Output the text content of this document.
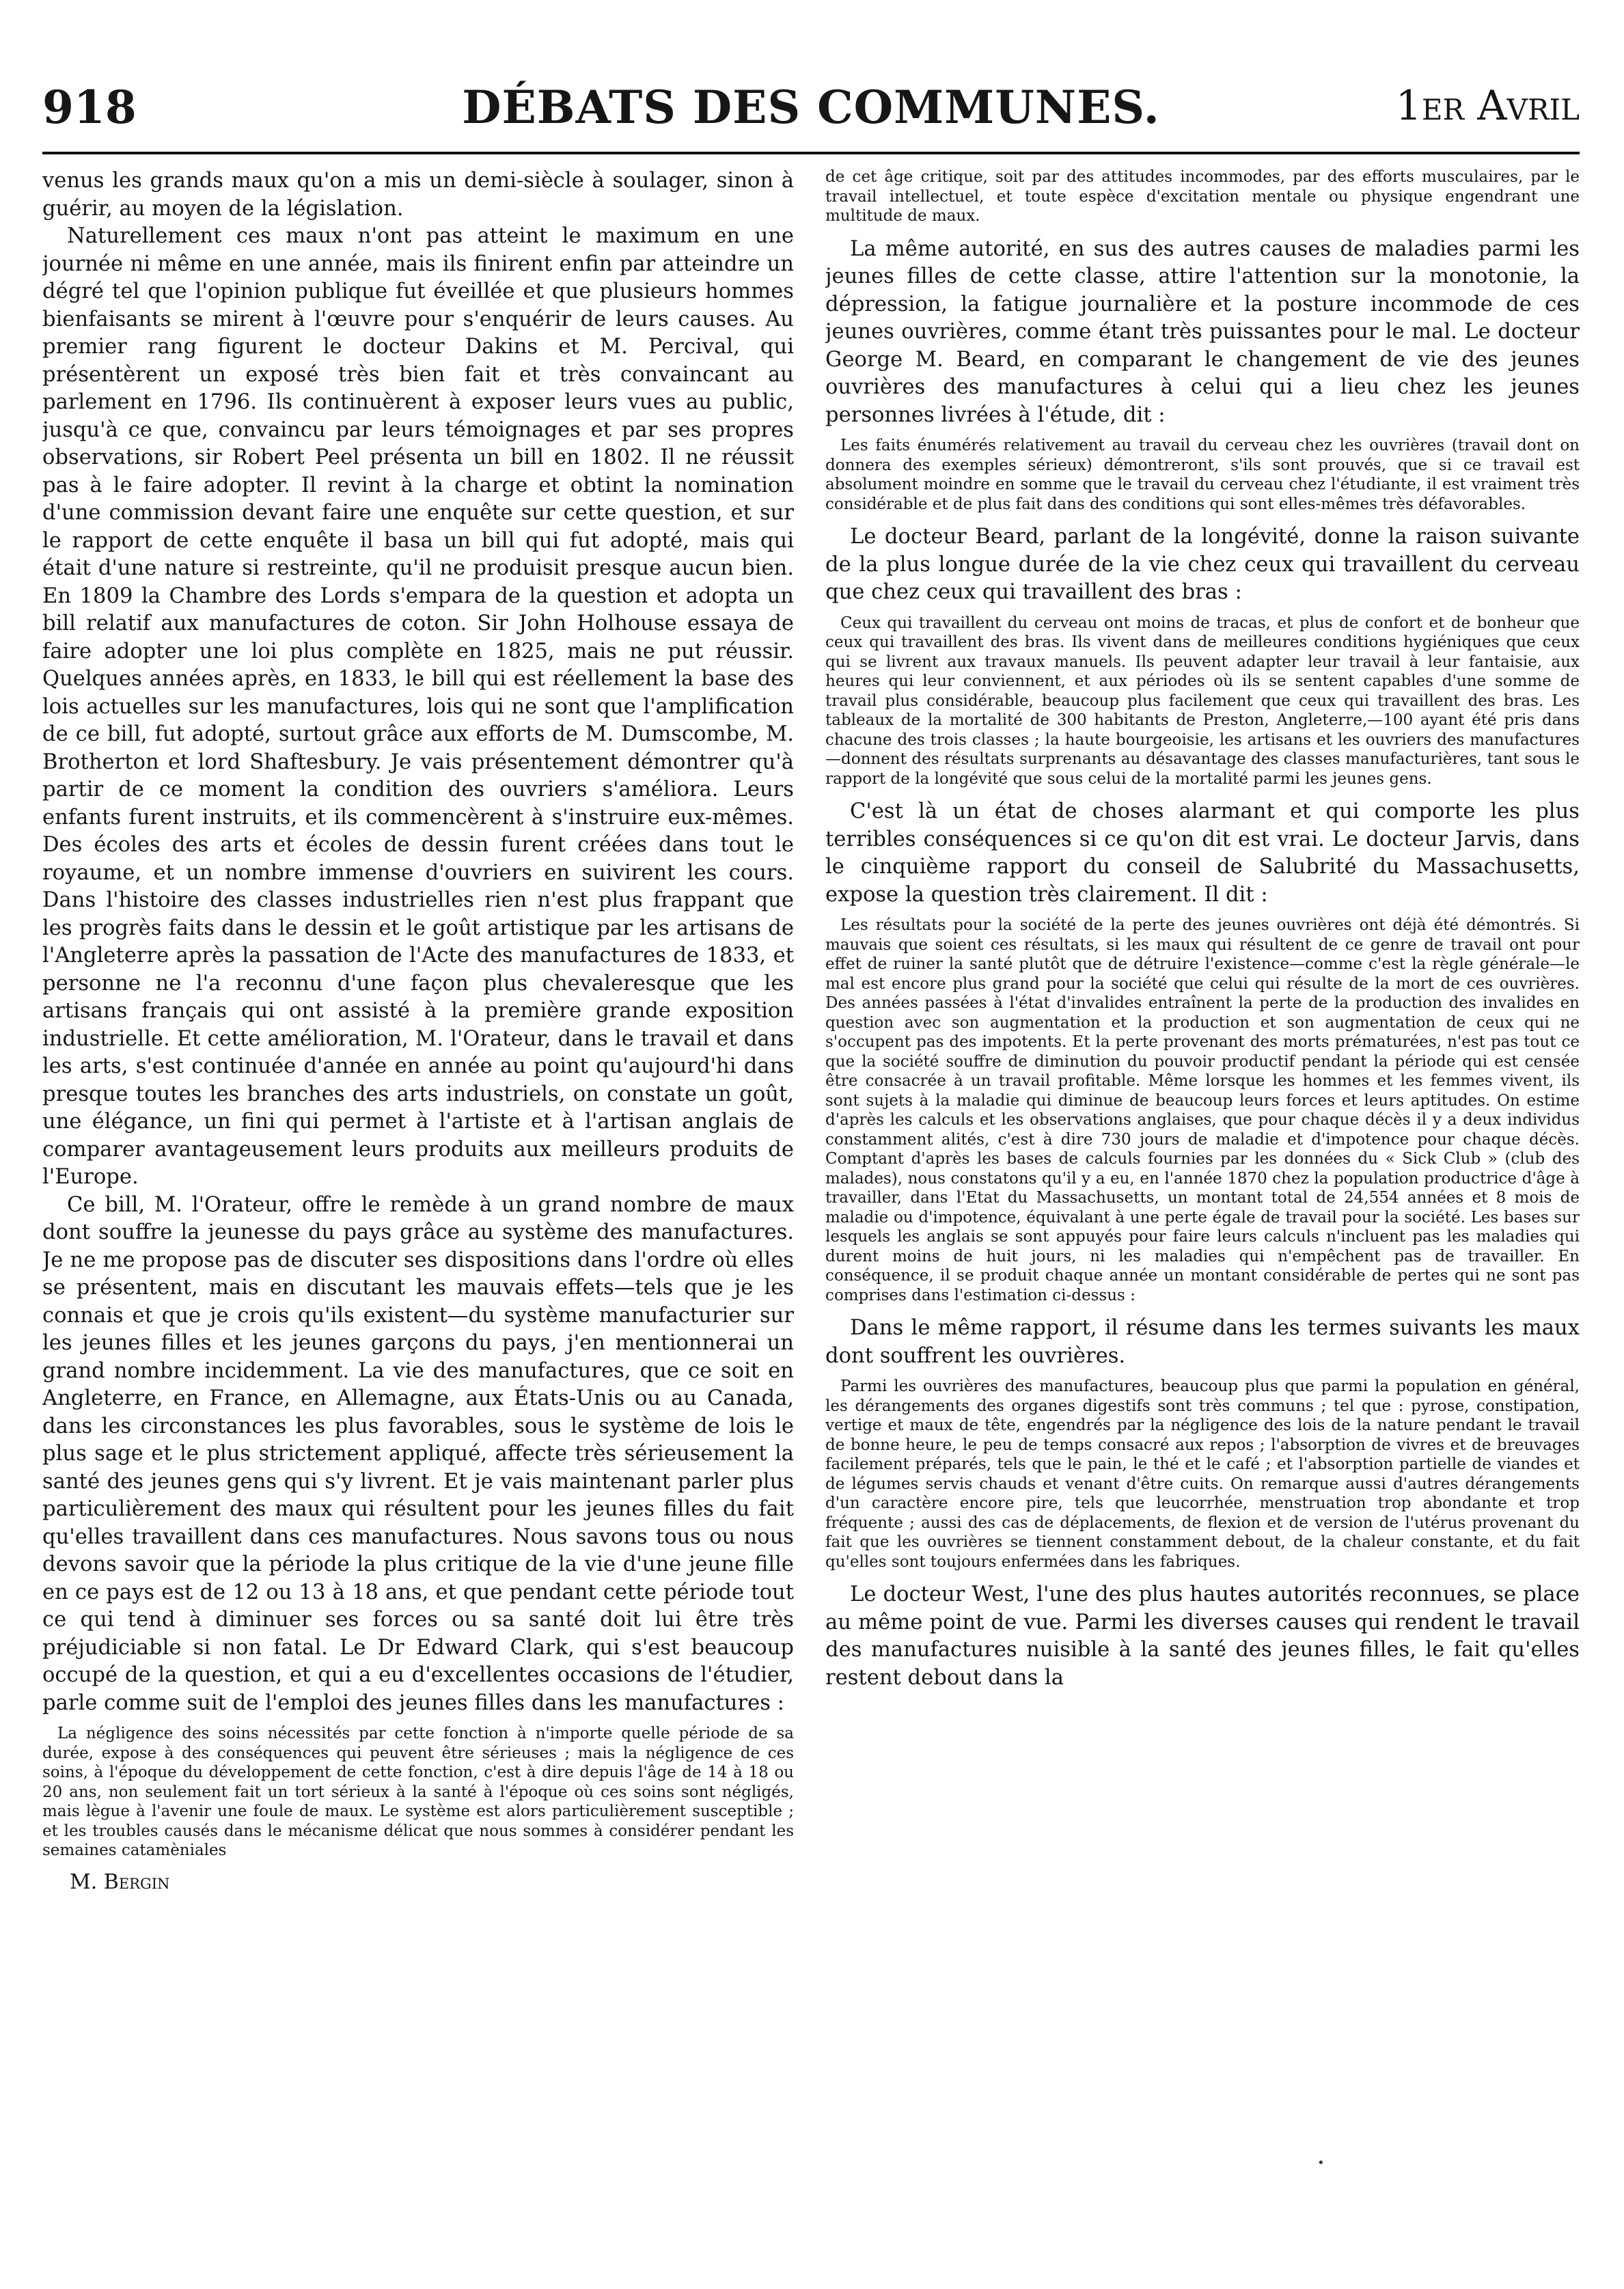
918	DÉBATS DES COMMUNES.	1er Avril

venus les grands maux qu'on a mis un demi-siècle à soulager, sinon à guérir, au moyen de la législation.

Naturellement ces maux n'ont pas atteint le maximum en une journée ni même en une année, mais ils finirent enfin par atteindre un dégré tel que l'opinion publique fut éveillée et que plusieurs hommes bienfaisants se mirent à l'œuvre pour s'enquérir de leurs causes. Au premier rang figurent le docteur Dakins et M. Percival, qui présentèrent un exposé très bien fait et très convaincant au parlement en 1796. Ils continuèrent à exposer leurs vues au public, jusqu'à ce que, convaincu par leurs témoignages et par ses propres observations, sir Robert Peel présenta un bill en 1802. Il ne réussit pas à le faire adopter. Il revint à la charge et obtint la nomination d'une commission devant faire une enquête sur cette question, et sur le rapport de cette enquête il basa un bill qui fut adopté, mais qui était d'une nature si restreinte, qu'il ne produisit presque aucun bien. En 1809 la Chambre des Lords s'empara de la question et adopta un bill relatif aux manufactures de coton. Sir John Holhouse essaya de faire adopter une loi plus complète en 1825, mais ne put réussir. Quelques années après, en 1833, le bill qui est réellement la base des lois actuelles sur les manufactures, lois qui ne sont que l'amplification de ce bill, fut adopté, surtout grâce aux efforts de M. Dumscombe, M. Brotherton et lord Shaftesbury. Je vais présentement démontrer qu'à partir de ce moment la condition des ouvriers s'améliora. Leurs enfants furent instruits, et ils commencèrent à s'instruire eux-mêmes. Des écoles des arts et écoles de dessin furent créées dans tout le royaume, et un nombre immense d'ouvriers en suivirent les cours. Dans l'histoire des classes industrielles rien n'est plus frappant que les progrès faits dans le dessin et le goût artistique par les artisans de l'Angleterre après la passation de l'Acte des manufactures de 1833, et personne ne l'a reconnu d'une façon plus chevaleresque que les artisans français qui ont assisté à la première grande exposition industrielle. Et cette amélioration, M. l'Orateur, dans le travail et dans les arts, s'est continuée d'année en année au point qu'aujourd'hi dans presque toutes les branches des arts industriels, on constate un goût, une élégance, un fini qui permet à l'artiste et à l'artisan anglais de comparer avantageusement leurs produits aux meilleurs produits de l'Europe.

Ce bill, M. l'Orateur, offre le remède à un grand nombre de maux dont souffre la jeunesse du pays grâce au système des manufactures. Je ne me propose pas de discuter ses dispositions dans l'ordre où elles se présentent, mais en discutant les mauvais effets—tels que je les connais et que je crois qu'ils existent—du système manufacturier sur les jeunes filles et les jeunes garçons du pays, j'en mentionnerai un grand nombre incidemment. La vie des manufactures, que ce soit en Angleterre, en France, en Allemagne, aux États-Unis ou au Canada, dans les circonstances les plus favorables, sous le système de lois le plus sage et le plus strictement appliqué, affecte très sérieusement la santé des jeunes gens qui s'y livrent. Et je vais maintenant parler plus particulièrement des maux qui résultent pour les jeunes filles du fait qu'elles travaillent dans ces manufactures. Nous savons tous ou nous devons savoir que la période la plus critique de la vie d'une jeune fille en ce pays est de 12 ou 13 à 18 ans, et que pendant cette période tout ce qui tend à diminuer ses forces ou sa santé doit lui être très préjudiciable si non fatal. Le Dr Edward Clark, qui s'est beaucoup occupé de la question, et qui a eu d'excellentes occasions de l'étudier, parle comme suit de l'emploi des jeunes filles dans les manufactures :

La négligence des soins nécessités par cette fonction à n'importe quelle période de sa durée, expose à des conséquences qui peuvent être sérieuses ; mais la négligence de ces soins, à l'époque du développement de cette fonction, c'est à dire depuis l'âge de 14 à 18 ou 20 ans, non seulement fait un tort sérieux à la santé à l'époque où ces soins sont négligés, mais lègue à l'avenir une foule de maux. Le système est alors particulièrement susceptible ; et les troubles causés dans le mécanisme délicat que nous sommes à considérer pendant les semaines catamèniales

M. Bergin

de cet âge critique, soit par des attitudes incommodes, par des efforts musculaires, par le travail intellectuel, et toute espèce d'excitation mentale ou physique engendrant une multitude de maux.

La même autorité, en sus des autres causes de maladies parmi les jeunes filles de cette classe, attire l'attention sur la monotonie, la dépression, la fatigue journalière et la posture incommode de ces jeunes ouvrières, comme étant très puissantes pour le mal. Le docteur George M. Beard, en comparant le changement de vie des jeunes ouvrières des manufactures à celui qui a lieu chez les jeunes personnes livrées à l'étude, dit :

Les faits énumérés relativement au travail du cerveau chez les ouvrières (travail dont on donnera des exemples sérieux) démontreront, s'ils sont prouvés, que si ce travail est absolument moindre en somme que le travail du cerveau chez l'étudiante, il est vraiment très considérable et de plus fait dans des conditions qui sont elles-mêmes très défavorables.

Le docteur Beard, parlant de la longévité, donne la raison suivante de la plus longue durée de la vie chez ceux qui travaillent du cerveau que chez ceux qui travaillent des bras :

Ceux qui travaillent du cerveau ont moins de tracas, et plus de confort et de bonheur que ceux qui travaillent des bras. Ils vivent dans de meilleures conditions hygiéniques que ceux qui se livrent aux travaux manuels. Ils peuvent adapter leur travail à leur fantaisie, aux heures qui leur conviennent, et aux périodes où ils se sentent capables d'une somme de travail plus considérable, beaucoup plus facilement que ceux qui travaillent des bras. Les tableaux de la mortalité de 300 habitants de Preston, Angleterre,—100 ayant été pris dans chacune des trois classes ; la haute bourgeoisie, les artisans et les ouvriers des manufactures—donnent des résultats surprenants au désavantage des classes manufacturières, tant sous le rapport de la longévité que sous celui de la mortalité parmi les jeunes gens.

C'est là un état de choses alarmant et qui comporte les plus terribles conséquences si ce qu'on dit est vrai. Le docteur Jarvis, dans le cinquième rapport du conseil de Salubrité du Massachusetts, expose la question très clairement. Il dit :

Les résultats pour la société de la perte des jeunes ouvrières ont déjà été démontrés. Si mauvais que soient ces résultats, si les maux qui résultent de ce genre de travail ont pour effet de ruiner la santé plutôt que de détruire l'existence—comme c'est la règle générale—le mal est encore plus grand pour la société que celui qui résulte de la mort de ces ouvrières. Des années passées à l'état d'invalides entraînent la perte de la production des invalides en question avec son augmentation et la production et son augmentation de ceux qui ne s'occupent pas des impotents. Et la perte provenant des morts prématurées, n'est pas tout ce que la société souffre de diminution du pouvoir productif pendant la période qui est censée être consacrée à un travail profitable. Même lorsque les hommes et les femmes vivent, ils sont sujets à la maladie qui diminue de beaucoup leurs forces et leurs aptitudes. On estime d'après les calculs et les observations anglaises, que pour chaque décès il y a deux individus constamment alités, c'est à dire 730 jours de maladie et d'impotence pour chaque décès. Comptant d'après les bases de calculs fournies par les données du « Sick Club » (club des malades), nous constatons qu'il y a eu, en l'année 1870 chez la population productrice d'âge à travailler, dans l'Etat du Massachusetts, un montant total de 24,554 années et 8 mois de maladie ou d'impotence, équivalant à une perte égale de travail pour la société. Les bases sur lesquels les anglais se sont appuyés pour faire leurs calculs n'incluent pas les maladies qui durent moins de huit jours, ni les maladies qui n'empêchent pas de travailler. En conséquence, il se produit chaque année un montant considérable de pertes qui ne sont pas comprises dans l'estimation ci-dessus :

Dans le même rapport, il résume dans les termes suivants les maux dont souffrent les ouvrières.

Parmi les ouvrières des manufactures, beaucoup plus que parmi la population en général, les dérangements des organes digestifs sont très communs ; tel que : pyrose, constipation, vertige et maux de tête, engendrés par la négligence des lois de la nature pendant le travail de bonne heure, le peu de temps consacré aux repos ; l'absorption de vivres et de breuvages facilement préparés, tels que le pain, le thé et le café ; et l'absorption partielle de viandes et de légumes servis chauds et venant d'être cuits. On remarque aussi d'autres dérangements d'un caractère encore pire, tels que leucorrhée, menstruation trop abondante et trop fréquente ; aussi des cas de déplacements, de flexion et de version de l'utérus provenant du fait que les ouvrières se tiennent constamment debout, de la chaleur constante, et du fait qu'elles sont toujours enfermées dans les fabriques.

Le docteur West, l'une des plus hautes autorités reconnues, se place au même point de vue. Parmi les diverses causes qui rendent le travail des manufactures nuisible à la santé des jeunes filles, le fait qu'elles restent debout dans la

•
